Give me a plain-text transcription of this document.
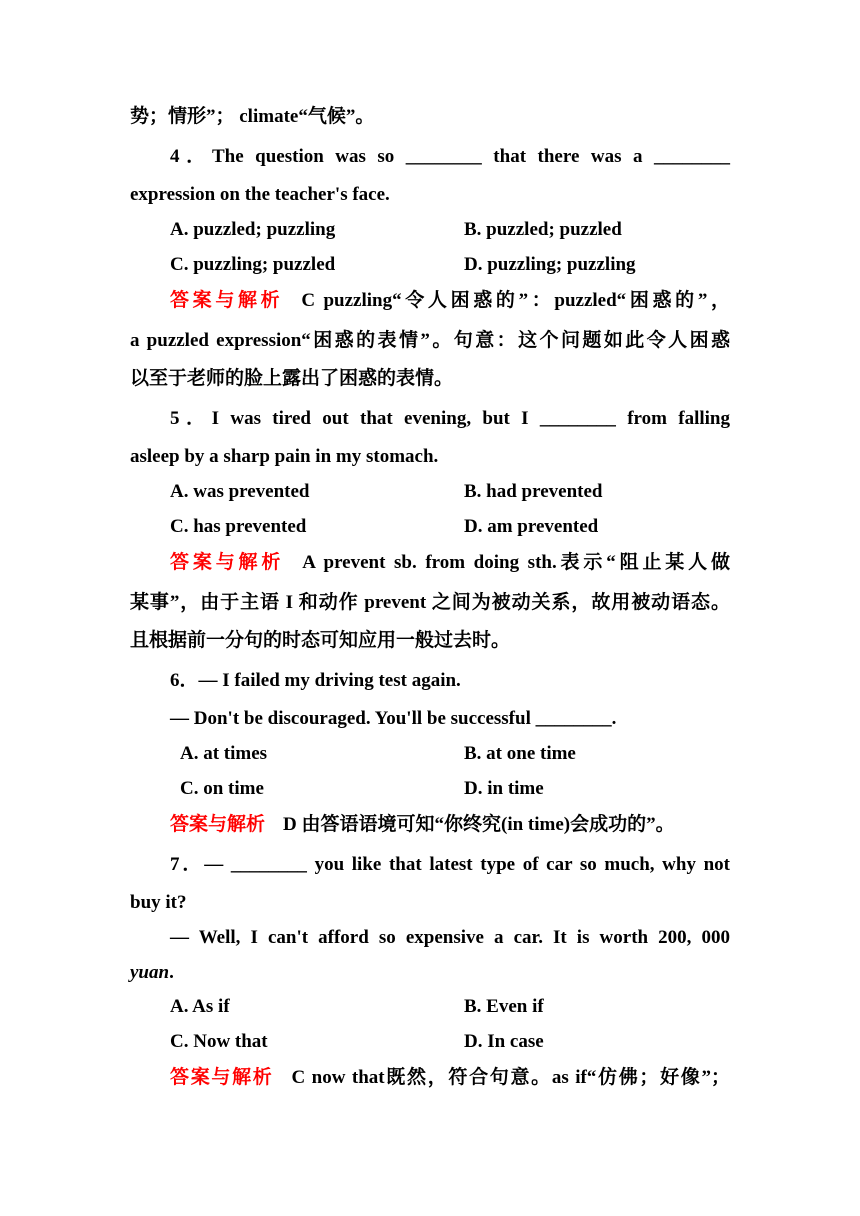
势；情形”； climate“气候”。
4．The question was so ________ that there was a ________
expression on the teacher's face.
A. puzzled; puzzling	B. puzzled; puzzled
C. puzzling; puzzled	D. puzzling; puzzling
答案与解析 C puzzling“令人困惑的”：puzzled“困惑的”，
a puzzled expression“困惑的表情”。句意：这个问题如此令人困惑
以至于老师的脸上露出了困惑的表情。
5．I was tired out that evening, but I ________ from falling
asleep by a sharp pain in my stomach.
A. was prevented	B. had prevented
C. has prevented	D. am prevented
答案与解析 A prevent sb. from doing sth.表示“阻止某人做
某事”，由于主语 I 和动作 prevent 之间为被动关系，故用被动语态。
且根据前一分句的时态可知应用一般过去时。
6．— I failed my driving test again.
— Don't be discouraged. You'll be successful ________.
A. at times	B. at one time
C. on time	D. in time
答案与解析 D 由答语语境可知“你终究(in time)会成功的”。
7．— ________ you like that latest type of car so much, why not
buy it?
— Well, I can't afford so expensive a car. It is worth 200, 000
yuan.
A. As if	B. Even if
C. Now that	D. In case
答案与解析 C now that既然，符合句意。as if“仿佛；好像”；
